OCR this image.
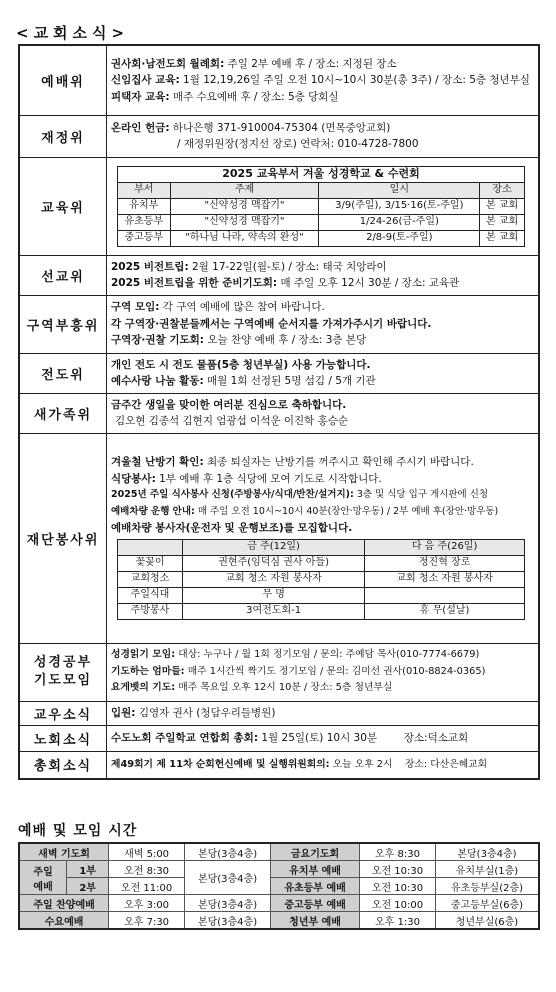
<교회소식>
예배위	
권사회·남전도회 월례회: 주일 2부 예배 후 / 장소: 지정된 장소
신임집사 교육: 1월 12,19,26일 주일 오전 10시~10시 30분(총 3주) / 장소: 5층 청년부실
피택자 교육: 매주 수요예배 후 / 장소: 5층 당회실

재정위	
온라인 헌금: 하나은행 371-910004-75304 (면목중앙교회)
/ 재정위원장(정지선 장로) 연락처: 010-4728-7800

교육위	
2025 교육부서 겨울 성경학교 & 수련회
부서	주제	일시	장소
유치부	"신약성경 맥잡기"	3/9(주일), 3/15·16(토-주일)	본 교회
유초등부	"신약성경 맥잡기"	1/24-26(금-주일)	본 교회
중고등부	"하나님 나라, 약속의 완성"	2/8-9(토-주일)	본 교회

선교위	
2025 비전트립: 2월 17-22일(월-토) / 장소: 태국 치앙라이
2025 비전트립을 위한 준비기도회: 매 주일 오후 12시 30분 / 장소: 교육관

구역부흥위	
구역 모임: 각 구역 예배에 많은 참여 바랍니다.
각 구역장·권찰분들께서는 구역예배 순서지를 가져가주시기 바랍니다.
구역장·권찰 기도회: 오늘 찬양 예배 후 / 장소: 3층 본당

전도위	
개인 전도 시 전도 물품(5층 청년부실) 사용 가능합니다.
예수사랑 나눔 활동: 매월 1회 선정된 5명 섬김 / 5개 기관

새가족위	
금주간 생일을 맞이한 여러분 진심으로 축하합니다.
김오현 김종석 김현지 엄광섭 이석운 이진학 홍승순

재단봉사위	
겨울철 난방기 확인: 최종 퇴실자는 난방기를 꺼주시고 확인해 주시기 바랍니다.
식당봉사: 1부 예배 후 1층 식당에 모여 기도로 시작합니다.
2025년 주일 식사봉사 신청(주방봉사/식대/반찬/설거지): 3층 및 식당 입구 게시판에 신청
예배차량 운행 안내: 매 주일 오전 10시~10시 40분(장안·망우동) / 2부 예배 후(장안·망우동)
예배차량 봉사자(운전자 및 운행보조)를 모집합니다.
	금 주(12일)	다 음 주(26일)
꽃꽂이	권현주(임덕심 권사 아들)	정진혁 장로
교회청소	교회 청소 자원 봉사자	교회 청소 자원 봉사자
주일식대	무 명	
주방봉사	3여전도회-1	휴 무(설날)

성경공부
기도모임

성경읽기 모임: 대상: 누구나 / 월 1회 정기모임 / 문의: 주예담 목사(010-7774-6679)
기도하는 엄마들: 매주 1시간씩 짝기도 정기모임 / 문의: 김미선 권사(010-8824-0365)
요게벳의 기도: 매주 목요일 오후 12시 10분 / 장소: 5층 청년부실

교우소식	입원: 김영자 권사 (청담우리들병원)

노회소식	수도노회 주일학교 연합회 총회: 1월 25일(토) 10시 30분        장소:덕소교회

총회소식	제49회기 제 11차 순회헌신예배 및 실행위원회의: 오늘 오후 2시    장소: 다산은혜교회
예배 및 모임 시간
새벽 기도회		새벽 5:00	본당(3층4층)	금요기도회	오후 8:30	본당(3층4층)

주일
예배	1부	오전 8:30	본당(3층4층)	유치부 예배	오전 10:30	유치부실(1층)
	2부	오전 11:00		유초등부 예배	오전 10:30	유초등부실(2층)
주일 찬양예배		오후 3:00	본당(3층4층)	중고등부 예배	오전 10:00	중고등부실(6층)
수요예배		오후 7:30	본당(3층4층)	청년부 예배	오후 1:30	청년부실(6층)
